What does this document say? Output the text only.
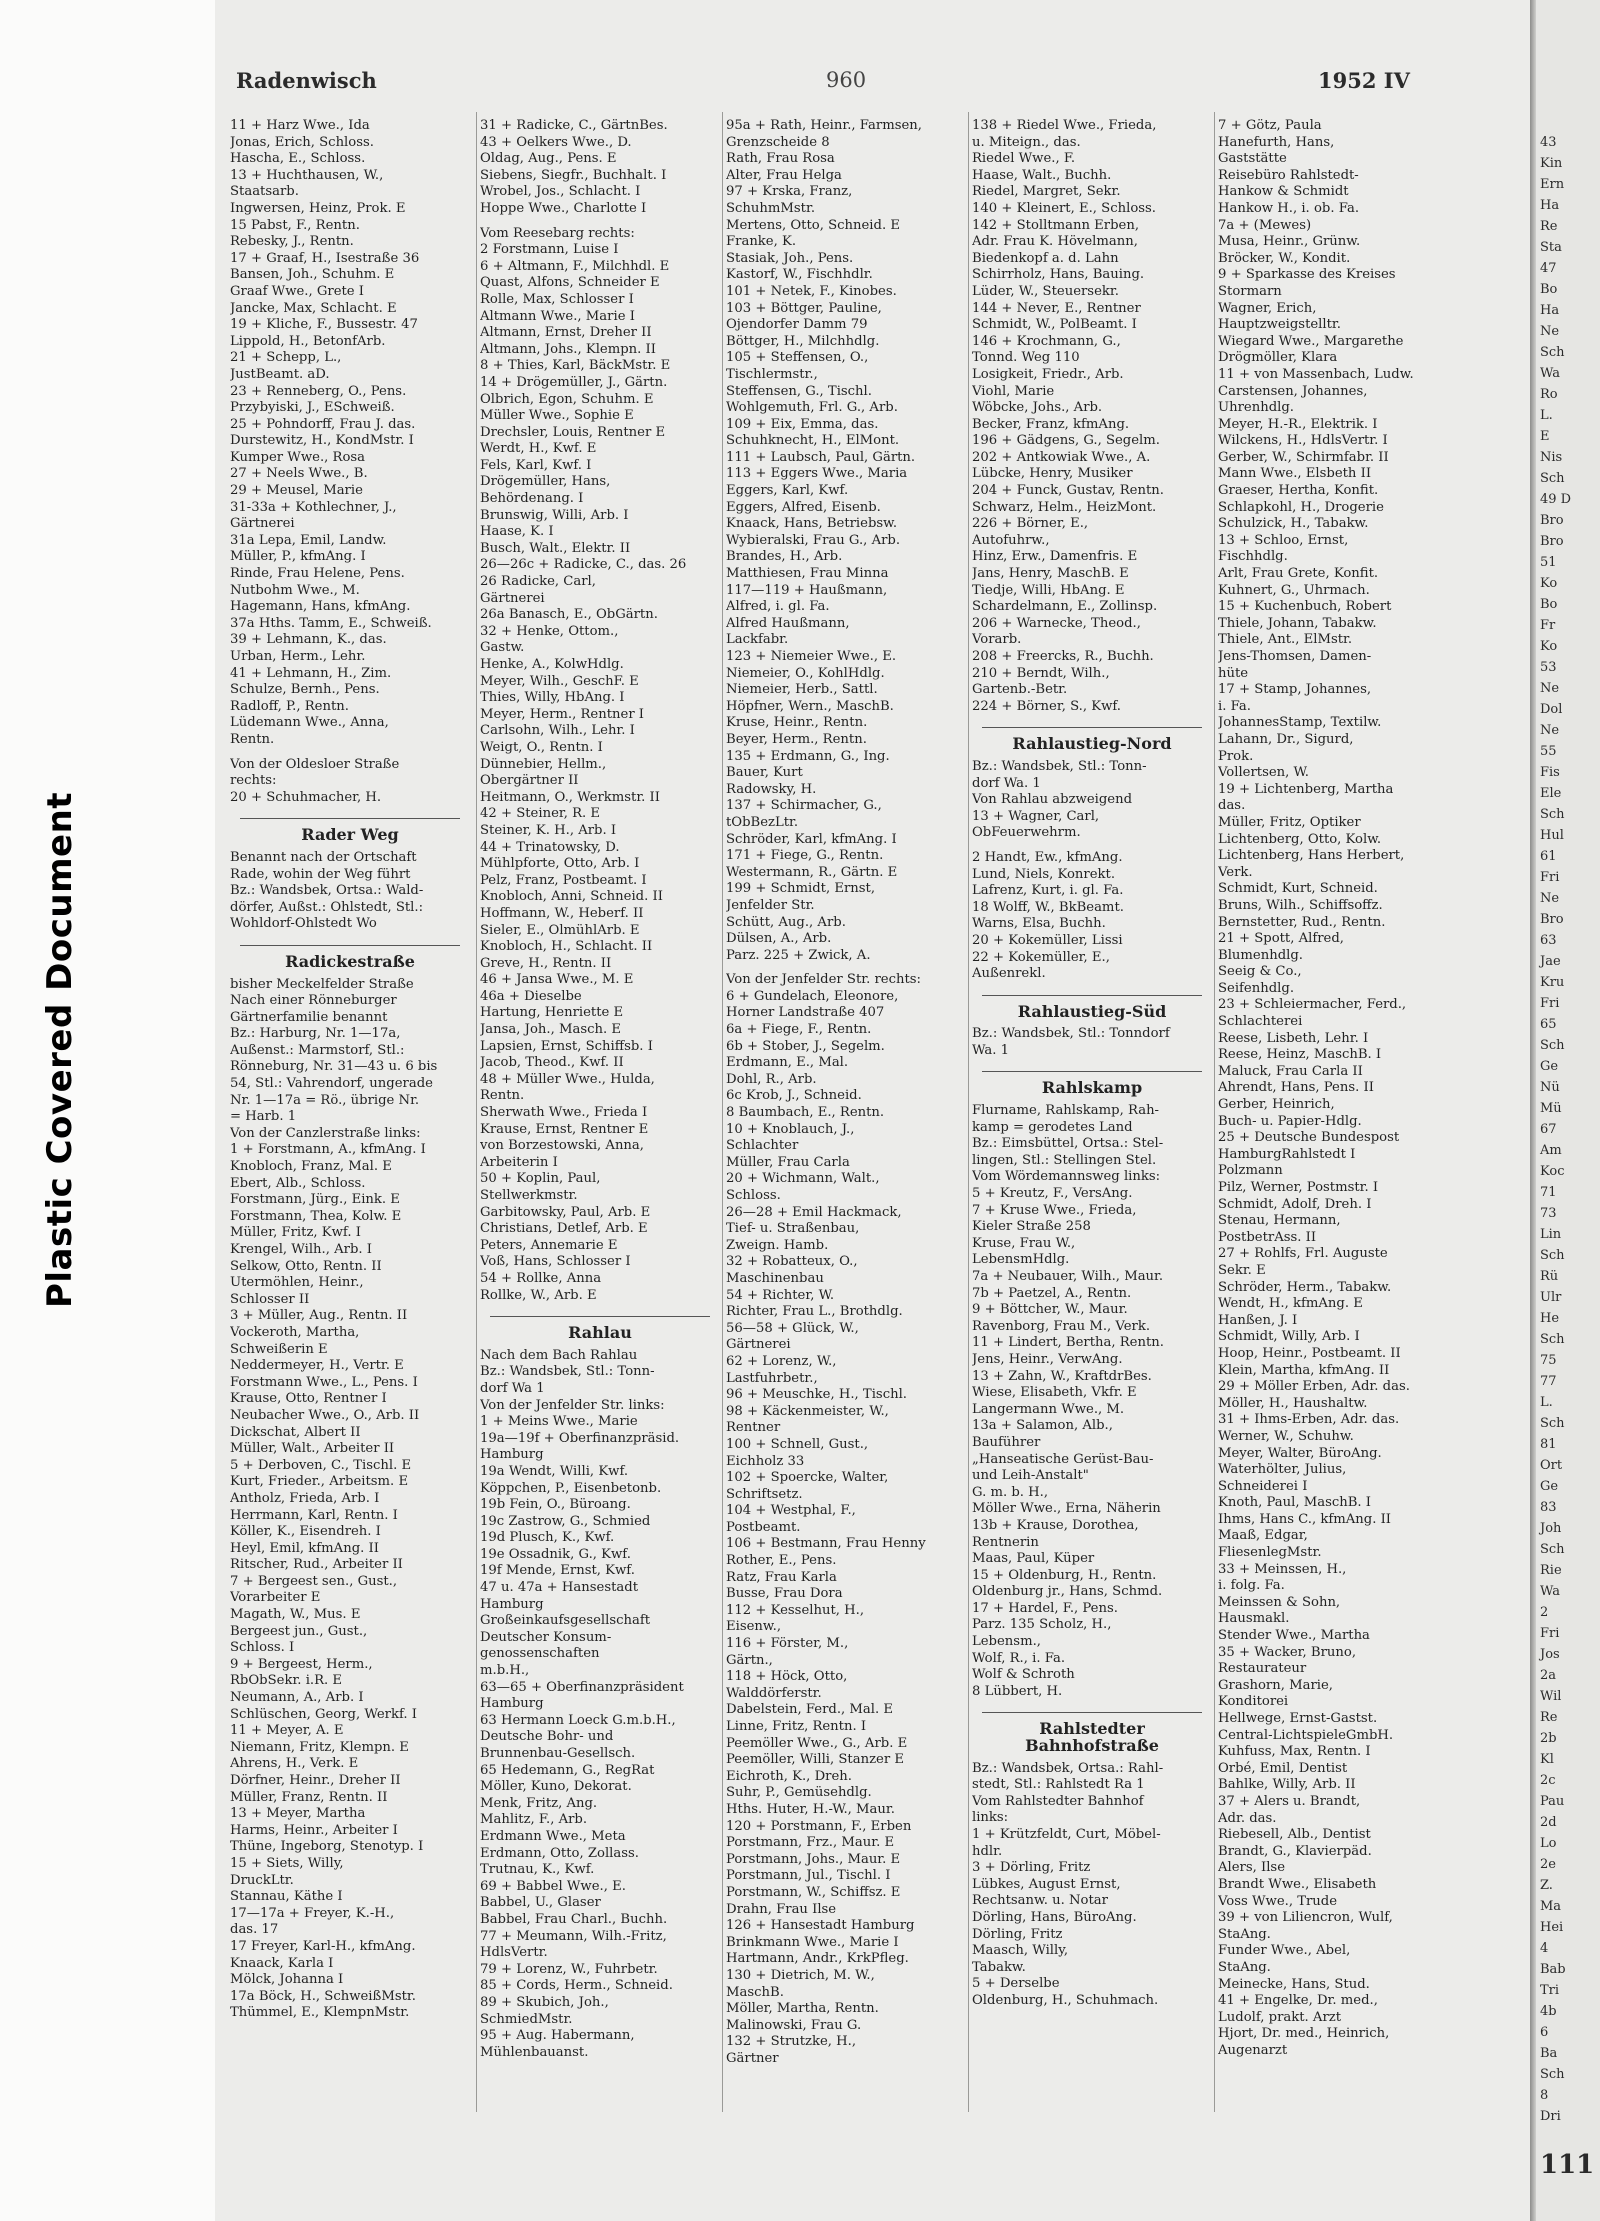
Plastic Covered Document
43
Kin
Ern
Ha
Re
Sta
47
Bo
Ha
Ne
Sch
Wa
Ro
L.
E
Nis
Sch
49 D
Bro
Bro
51
Ko
Bo
Fr
Ko
53
Ne
Dol
Ne
55
Fis
Ele
Sch
Hul
61
Fri
Ne
Bro
63
Jae
Kru
Fri
65
Sch
Ge
Nü
Mü
67
Am
Koc
71
73
Lin
Sch
Rü
Ulr
He
Sch
75
77
L.
Sch
81
Ort
Ge
83
Joh
Sch
Rie
Wa
2
Fri
Jos
2a
Wil
Re
2b
Kl
2c
Pau
2d
Lo
2e
Z.
Ma
Hei
4
Bab
Tri
4b
6
Ba
Sch
8
Dri
111
Radenwisch	960	1952 IV
11 + Harz Wwe., Ida
Jonas, Erich, Schloss.
Hascha, E., Schloss.
13 + Huchthausen, W.,
Staatsarb.
Ingwersen, Heinz, Prok. E
15 Pabst, F., Rentn.
Rebesky, J., Rentn.
17 + Graaf, H., Isestraße 36
Bansen, Joh., Schuhm. E
Graaf Wwe., Grete I
Jancke, Max, Schlacht. E
19 + Kliche, F., Bussestr. 47
Lippold, H., BetonfArb.
21 + Schepp, L.,
JustBeamt. aD.
23 + Renneberg, O., Pens.
Przybyiski, J., ESchweiß.
25 + Pohndorff, Frau J. das.
Durstewitz, H., KondMstr. I
Kumper Wwe., Rosa
27 + Neels Wwe., B.
29 + Meusel, Marie
31-33a + Kothlechner, J.,
Gärtnerei
31a Lepa, Emil, Landw.
Müller, P., kfmAng. I
Rinde, Frau Helene, Pens.
Nutbohm Wwe., M.
Hagemann, Hans, kfmAng.
37a Hths. Tamm, E., Schweiß.
39 + Lehmann, K., das.
Urban, Herm., Lehr.
41 + Lehmann, H., Zim.
Schulze, Bernh., Pens.
Radloff, P., Rentn.
Lüdemann Wwe., Anna,
Rentn.
Von der Oldesloer Straße
rechts:
20 + Schuhmacher, H.
Rader Weg
Benannt nach der Ortschaft
Rade, wohin der Weg führt
Bz.: Wandsbek, Ortsa.: Wald-
dörfer, Außst.: Ohlstedt, Stl.:
Wohldorf-Ohlstedt Wo
Radickestraße
bisher Meckelfelder Straße
Nach einer Rönneburger
Gärtnerfamilie benannt
Bz.: Harburg, Nr. 1—17a,
Außenst.: Marmstorf, Stl.:
Rönneburg, Nr. 31—43 u. 6 bis
54, Stl.: Vahrendorf, ungerade
Nr. 1—17a = Rö., übrige Nr.
= Harb. 1
Von der Canzlerstraße links:
1 + Forstmann, A., kfmAng. I
Knobloch, Franz, Mal. E
Ebert, Alb., Schloss.
Forstmann, Jürg., Eink. E
Forstmann, Thea, Kolw. E
Müller, Fritz, Kwf. I
Krengel, Wilh., Arb. I
Selkow, Otto, Rentn. II
Utermöhlen, Heinr.,
Schlosser II
3 + Müller, Aug., Rentn. II
Vockeroth, Martha,
Schweißerin E
Neddermeyer, H., Vertr. E
Forstmann Wwe., L., Pens. I
Krause, Otto, Rentner I
Neubacher Wwe., O., Arb. II
Dickschat, Albert II
Müller, Walt., Arbeiter II
5 + Derboven, C., Tischl. E
Kurt, Frieder., Arbeitsm. E
Antholz, Frieda, Arb. I
Herrmann, Karl, Rentn. I
Köller, K., Eisendreh. I
Heyl, Emil, kfmAng. II
Ritscher, Rud., Arbeiter II
7 + Bergeest sen., Gust.,
Vorarbeiter E
Magath, W., Mus. E
Bergeest jun., Gust.,
Schloss. I
9 + Bergeest, Herm.,
RbObSekr. i.R. E
Neumann, A., Arb. I
Schlüschen, Georg, Werkf. I
11 + Meyer, A. E
Niemann, Fritz, Klempn. E
Ahrens, H., Verk. E
Dörfner, Heinr., Dreher II
Müller, Franz, Rentn. II
13 + Meyer, Martha
Harms, Heinr., Arbeiter I
Thüne, Ingeborg, Stenotyp. I
15 + Siets, Willy,
DruckLtr.
Stannau, Käthe I
17—17a + Freyer, K.-H.,
das. 17
17 Freyer, Karl-H., kfmAng.
Knaack, Karla I
Mölck, Johanna I
17a Böck, H., SchweißMstr.
Thümmel, E., KlempnMstr.
31 + Radicke, C., GärtnBes.
43 + Oelkers Wwe., D.
Oldag, Aug., Pens. E
Siebens, Siegfr., Buchhalt. I
Wrobel, Jos., Schlacht. I
Hoppe Wwe., Charlotte I
Vom Reesebarg rechts:
2 Forstmann, Luise I
6 + Altmann, F., Milchhdl. E
Quast, Alfons, Schneider E
Rolle, Max, Schlosser I
Altmann Wwe., Marie I
Altmann, Ernst, Dreher II
Altmann, Johs., Klempn. II
8 + Thies, Karl, BäckMstr. E
14 + Drögemüller, J., Gärtn.
Olbrich, Egon, Schuhm. E
Müller Wwe., Sophie E
Drechsler, Louis, Rentner E
Werdt, H., Kwf. E
Fels, Karl, Kwf. I
Drögemüller, Hans,
Behördenang. I
Brunswig, Willi, Arb. I
Haase, K. I
Busch, Walt., Elektr. II
26—26c + Radicke, C., das. 26
26 Radicke, Carl,
Gärtnerei
26a Banasch, E., ObGärtn.
32 + Henke, Ottom.,
Gastw.
Henke, A., KolwHdlg.
Meyer, Wilh., GeschF. E
Thies, Willy, HbAng. I
Meyer, Herm., Rentner I
Carlsohn, Wilh., Lehr. I
Weigt, O., Rentn. I
Dünnebier, Hellm.,
Obergärtner II
Heitmann, O., Werkmstr. II
42 + Steiner, R. E
Steiner, K. H., Arb. I
44 + Trinatowsky, D.
Mühlpforte, Otto, Arb. I
Pelz, Franz, Postbeamt. I
Knobloch, Anni, Schneid. II
Hoffmann, W., Heberf. II
Sieler, E., OlmühlArb. E
Knobloch, H., Schlacht. II
Greve, H., Rentn. II
46 + Jansa Wwe., M. E
46a + Dieselbe
Hartung, Henriette E
Jansa, Joh., Masch. E
Lapsien, Ernst, Schiffsb. I
Jacob, Theod., Kwf. II
48 + Müller Wwe., Hulda,
Rentn.
Sherwath Wwe., Frieda I
Krause, Ernst, Rentner E
von Borzestowski, Anna,
Arbeiterin I
50 + Koplin, Paul,
Stellwerkmstr.
Garbitowsky, Paul, Arb. E
Christians, Detlef, Arb. E
Peters, Annemarie E
Voß, Hans, Schlosser I
54 + Rollke, Anna
Rollke, W., Arb. E
Rahlau
Nach dem Bach Rahlau
Bz.: Wandsbek, Stl.: Tonn-
dorf Wa 1
Von der Jenfelder Str. links:
1 + Meins Wwe., Marie
19a—19f + Oberfinanzpräsid.
Hamburg
19a Wendt, Willi, Kwf.
Köppchen, P., Eisenbetonb.
19b Fein, O., Büroang.
19c Zastrow, G., Schmied
19d Plusch, K., Kwf.
19e Ossadnik, G., Kwf.
19f Mende, Ernst, Kwf.
47 u. 47a + Hansestadt
Hamburg
Großeinkaufsgesellschaft
Deutscher Konsum-
genossenschaften
m.b.H.,
63—65 + Oberfinanzpräsident
Hamburg
63 Hermann Loeck G.m.b.H.,
Deutsche Bohr- und
Brunnenbau-Gesellsch.
65 Hedemann, G., RegRat
Möller, Kuno, Dekorat.
Menk, Fritz, Ang.
Mahlitz, F., Arb.
Erdmann Wwe., Meta
Erdmann, Otto, Zollass.
Trutnau, K., Kwf.
69 + Babbel Wwe., E.
Babbel, U., Glaser
Babbel, Frau Charl., Buchh.
77 + Meumann, Wilh.-Fritz,
HdlsVertr.
79 + Lorenz, W., Fuhrbetr.
85 + Cords, Herm., Schneid.
89 + Skubich, Joh.,
SchmiedMstr.
95 + Aug. Habermann,
Mühlenbauanst.
95a + Rath, Heinr., Farmsen,
Grenzscheide 8
Rath, Frau Rosa
Alter, Frau Helga
97 + Krska, Franz,
SchuhmMstr.
Mertens, Otto, Schneid. E
Franke, K.
Stasiak, Joh., Pens.
Kastorf, W., Fischhdlr.
101 + Netek, F., Kinobes.
103 + Böttger, Pauline,
Ojendorfer Damm 79
Böttger, H., Milchhdlg.
105 + Steffensen, O.,
Tischlermstr.,
Steffensen, G., Tischl.
Wohlgemuth, Frl. G., Arb.
109 + Eix, Emma, das.
Schuhknecht, H., ElMont.
111 + Laubsch, Paul, Gärtn.
113 + Eggers Wwe., Maria
Eggers, Karl, Kwf.
Eggers, Alfred, Eisenb.
Knaack, Hans, Betriebsw.
Wybieralski, Frau G., Arb.
Brandes, H., Arb.
Matthiesen, Frau Minna
117—119 + Haußmann,
Alfred, i. gl. Fa.
Alfred Haußmann,
Lackfabr.
123 + Niemeier Wwe., E.
Niemeier, O., KohlHdlg.
Niemeier, Herb., Sattl.
Höpfner, Wern., MaschB.
Kruse, Heinr., Rentn.
Beyer, Herm., Rentn.
135 + Erdmann, G., Ing.
Bauer, Kurt
Radowsky, H.
137 + Schirmacher, G.,
tObBezLtr.
Schröder, Karl, kfmAng. I
171 + Fiege, G., Rentn.
Westermann, R., Gärtn. E
199 + Schmidt, Ernst,
Jenfelder Str.
Schütt, Aug., Arb.
Dülsen, A., Arb.
Parz. 225 + Zwick, A.
Von der Jenfelder Str. rechts:
6 + Gundelach, Eleonore,
Horner Landstraße 407
6a + Fiege, F., Rentn.
6b + Stober, J., Segelm.
Erdmann, E., Mal.
Dohl, R., Arb.
6c Krob, J., Schneid.
8 Baumbach, E., Rentn.
10 + Knoblauch, J.,
Schlachter
Müller, Frau Carla
20 + Wichmann, Walt.,
Schloss.
26—28 + Emil Hackmack,
Tief- u. Straßenbau,
Zweign. Hamb.
32 + Robatteux, O.,
Maschinenbau
54 + Richter, W.
Richter, Frau L., Brothdlg.
56—58 + Glück, W.,
Gärtnerei
62 + Lorenz, W.,
Lastfuhrbetr.,
96 + Meuschke, H., Tischl.
98 + Käckenmeister, W.,
Rentner
100 + Schnell, Gust.,
Eichholz 33
102 + Spoercke, Walter,
Schriftsetz.
104 + Westphal, F.,
Postbeamt.
106 + Bestmann, Frau Henny
Rother, E., Pens.
Ratz, Frau Karla
Busse, Frau Dora
112 + Kesselhut, H.,
Eisenw.,
116 + Förster, M.,
Gärtn.,
118 + Höck, Otto,
Walddörferstr.
Dabelstein, Ferd., Mal. E
Linne, Fritz, Rentn. I
Peemöller Wwe., G., Arb. E
Peemöller, Willi, Stanzer E
Eichroth, K., Dreh.
Suhr, P., Gemüsehdlg.
Hths. Huter, H.-W., Maur.
120 + Porstmann, F., Erben
Porstmann, Frz., Maur. E
Porstmann, Johs., Maur. E
Porstmann, Jul., Tischl. I
Porstmann, W., Schiffsz. E
Drahn, Frau Ilse
126 + Hansestadt Hamburg
Brinkmann Wwe., Marie I
Hartmann, Andr., KrkPfleg.
130 + Dietrich, M. W.,
MaschB.
Möller, Martha, Rentn.
Malinowski, Frau G.
132 + Strutzke, H.,
Gärtner
138 + Riedel Wwe., Frieda,
u. Miteign., das.
Riedel Wwe., F.
Haase, Walt., Buchh.
Riedel, Margret, Sekr.
140 + Kleinert, E., Schloss.
142 + Stolltmann Erben,
Adr. Frau K. Hövelmann,
Biedenkopf a. d. Lahn
Schirrholz, Hans, Bauing.
Lüder, W., Steuersekr.
144 + Never, E., Rentner
Schmidt, W., PolBeamt. I
146 + Krochmann, G.,
Tonnd. Weg 110
Losigkeit, Friedr., Arb.
Viohl, Marie
Wöbcke, Johs., Arb.
Becker, Franz, kfmAng.
196 + Gädgens, G., Segelm.
202 + Antkowiak Wwe., A.
Lübcke, Henry, Musiker
204 + Funck, Gustav, Rentn.
Schwarz, Helm., HeizMont.
226 + Börner, E.,
Autofuhrw.,
Hinz, Erw., Damenfris. E
Jans, Henry, MaschB. E
Tiedje, Willi, HbAng. E
Schardelmann, E., Zollinsp.
206 + Warnecke, Theod.,
Vorarb.
208 + Freercks, R., Buchh.
210 + Berndt, Wilh.,
Gartenb.-Betr.
224 + Börner, S., Kwf.
Rahlaustieg-Nord
Bz.: Wandsbek, Stl.: Tonn-
dorf Wa. 1
Von Rahlau abzweigend
13 + Wagner, Carl,
ObFeuerwehrm.
2 Handt, Ew., kfmAng.
Lund, Niels, Konrekt.
Lafrenz, Kurt, i. gl. Fa.
18 Wolff, W., BkBeamt.
Warns, Elsa, Buchh.
20 + Kokemüller, Lissi
22 + Kokemüller, E.,
Außenrekl.
Rahlaustieg-Süd
Bz.: Wandsbek, Stl.: Tonndorf
Wa. 1
Rahlskamp
Flurname, Rahlskamp, Rah-
kamp = gerodetes Land
Bz.: Eimsbüttel, Ortsa.: Stel-
lingen, Stl.: Stellingen Stel.
Vom Wördemannsweg links:
5 + Kreutz, F., VersAng.
7 + Kruse Wwe., Frieda,
Kieler Straße 258
Kruse, Frau W.,
LebensmHdlg.
7a + Neubauer, Wilh., Maur.
7b + Paetzel, A., Rentn.
9 + Böttcher, W., Maur.
Ravenborg, Frau M., Verk.
11 + Lindert, Bertha, Rentn.
Jens, Heinr., VerwAng.
13 + Zahn, W., KraftdrBes.
Wiese, Elisabeth, Vkfr. E
Langermann Wwe., M.
13a + Salamon, Alb.,
Bauführer
„Hanseatische Gerüst-Bau-
und Leih-Anstalt"
G. m. b. H.,
Möller Wwe., Erna, Näherin
13b + Krause, Dorothea,
Rentnerin
Maas, Paul, Küper
15 + Oldenburg, H., Rentn.
Oldenburg jr., Hans, Schmd.
17 + Hardel, F., Pens.
Parz. 135 Scholz, H.,
Lebensm.,
Wolf, R., i. Fa.
Wolf & Schroth
8 Lübbert, H.
Rahlstedter Bahnhofstraße
Bz.: Wandsbek, Ortsa.: Rahl-
stedt, Stl.: Rahlstedt Ra 1
Vom Rahlstedter Bahnhof
links:
1 + Krützfeldt, Curt, Möbel-
hdlr.
3 + Dörling, Fritz
Lübkes, August Ernst,
Rechtsanw. u. Notar
Dörling, Hans, BüroAng.
Dörling, Fritz
Maasch, Willy,
Tabakw.
5 + Derselbe
Oldenburg, H., Schuhmach.
7 + Götz, Paula
Hanefurth, Hans,
Gaststätte
Reisebüro Rahlstedt-
Hankow & Schmidt
Hankow H., i. ob. Fa.
7a + (Mewes)
Musa, Heinr., Grünw.
Bröcker, W., Kondit.
9 + Sparkasse des Kreises
Stormarn
Wagner, Erich,
Hauptzweigstelltr.
Wiegard Wwe., Margarethe
Drögmöller, Klara
11 + von Massenbach, Ludw.
Carstensen, Johannes,
Uhrenhdlg.
Meyer, H.-R., Elektrik. I
Wilckens, H., HdlsVertr. I
Gerber, W., Schirmfabr. II
Mann Wwe., Elsbeth II
Graeser, Hertha, Konfit.
Schlapkohl, H., Drogerie
Schulzick, H., Tabakw.
13 + Schloo, Ernst,
Fischhdlg.
Arlt, Frau Grete, Konfit.
Kuhnert, G., Uhrmach.
15 + Kuchenbuch, Robert
Thiele, Johann, Tabakw.
Thiele, Ant., ElMstr.
Jens-Thomsen, Damen-
hüte
17 + Stamp, Johannes,
i. Fa.
JohannesStamp, Textilw.
Lahann, Dr., Sigurd,
Prok.
Vollertsen, W.
19 + Lichtenberg, Martha
das.
Müller, Fritz, Optiker
Lichtenberg, Otto, Kolw.
Lichtenberg, Hans Herbert,
Verk.
Schmidt, Kurt, Schneid.
Bruns, Wilh., Schiffsoffz.
Bernstetter, Rud., Rentn.
21 + Spott, Alfred,
Blumenhdlg.
Seeig & Co.,
Seifenhdlg.
23 + Schleiermacher, Ferd.,
Schlachterei
Reese, Lisbeth, Lehr. I
Reese, Heinz, MaschB. I
Maluck, Frau Carla II
Ahrendt, Hans, Pens. II
Gerber, Heinrich,
Buch- u. Papier-Hdlg.
25 + Deutsche Bundespost
HamburgRahlstedt I
Polzmann
Pilz, Werner, Postmstr. I
Schmidt, Adolf, Dreh. I
Stenau, Hermann,
PostbetrAss. II
27 + Rohlfs, Frl. Auguste
Sekr. E
Schröder, Herm., Tabakw.
Wendt, H., kfmAng. E
Hanßen, J. I
Schmidt, Willy, Arb. I
Hoop, Heinr., Postbeamt. II
Klein, Martha, kfmAng. II
29 + Möller Erben, Adr. das.
Möller, H., Haushaltw.
31 + Ihms-Erben, Adr. das.
Werner, W., Schuhw.
Meyer, Walter, BüroAng.
Waterhölter, Julius,
Schneiderei I
Knoth, Paul, MaschB. I
Ihms, Hans C., kfmAng. II
Maaß, Edgar,
FliesenlegMstr.
33 + Meinssen, H.,
i. folg. Fa.
Meinssen & Sohn,
Hausmakl.
Stender Wwe., Martha
35 + Wacker, Bruno,
Restaurateur
Grashorn, Marie,
Konditorei
Hellwege, Ernst-Gastst.
Central-LichtspieleGmbH.
Kuhfuss, Max, Rentn. I
Orbé, Emil, Dentist
Bahlke, Willy, Arb. II
37 + Alers u. Brandt,
Adr. das.
Riebesell, Alb., Dentist
Brandt, G., Klavierpäd.
Alers, Ilse
Brandt Wwe., Elisabeth
Voss Wwe., Trude
39 + von Liliencron, Wulf,
StaAng.
Funder Wwe., Abel,
StaAng.
Meinecke, Hans, Stud.
41 + Engelke, Dr. med.,
Ludolf, prakt. Arzt
Hjort, Dr. med., Heinrich,
Augenarzt
